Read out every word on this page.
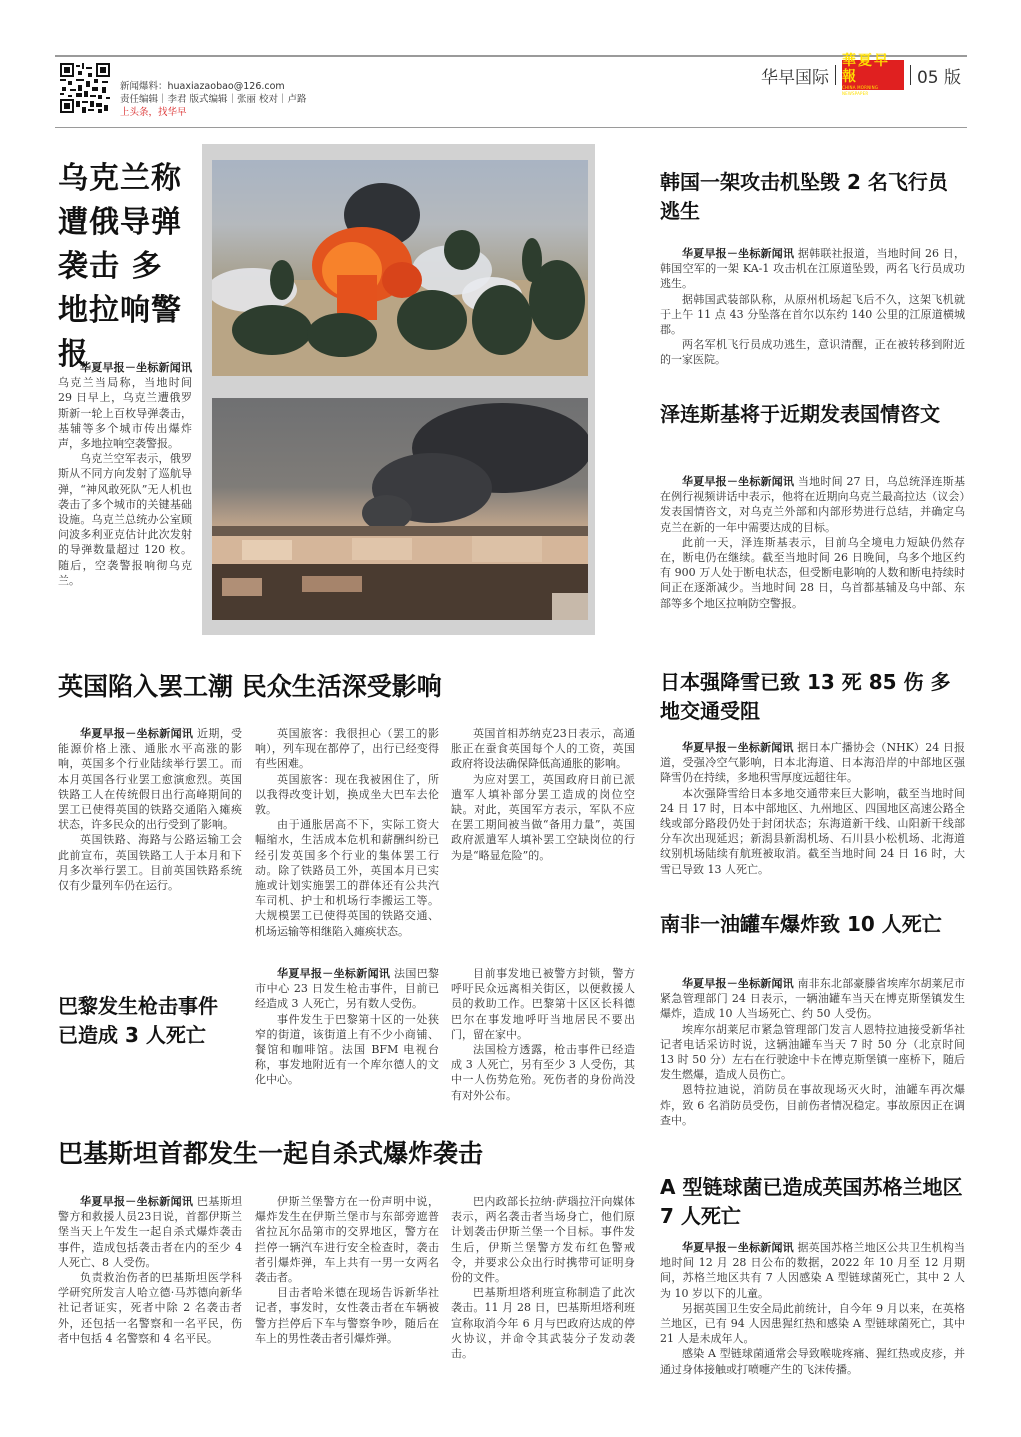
新闻爆料：huaxiazaobao@126.com
责任编辑｜李君 版式编辑｜张丽 校对｜卢路
上头条，找华早
华早国际
華夏早報
CHINA MORNING NEWSPAPER
05 版
乌克兰称遭俄导弹袭击 多地拉响警报

华夏早报－坐标新闻讯 乌克兰当局称，当地时间 29 日早上，乌克兰遭俄罗斯新一轮上百枚导弹袭击，基辅等多个城市传出爆炸声，多地拉响空袭警报。

乌克兰空军表示，俄罗斯从不同方向发射了巡航导弹，“神风敢死队”无人机也袭击了多个城市的关键基础设施。乌克兰总统办公室顾问波多利亚克估计此次发射的导弹数量超过 120 枚。随后，空袭警报响彻乌克兰。

韩国一架攻击机坠毁 2 名飞行员逃生

华夏早报－坐标新闻讯 据韩联社报道，当地时间 26 日，韩国空军的一架 KA-1 攻击机在江原道坠毁，两名飞行员成功逃生。

据韩国武装部队称，从原州机场起飞后不久，这架飞机就于上午 11 点 43 分坠落在首尔以东约 140 公里的江原道横城郡。

两名军机飞行员成功逃生，意识清醒，正在被转移到附近的一家医院。

泽连斯基将于近期发表国情咨文

华夏早报－坐标新闻讯 当地时间 27 日，乌总统泽连斯基在例行视频讲话中表示，他将在近期向乌克兰最高拉达（议会）发表国情咨文，对乌克兰外部和内部形势进行总结，并确定乌克兰在新的一年中需要达成的目标。

此前一天，泽连斯基表示，目前乌全境电力短缺仍然存在，断电仍在继续。截至当地时间 26 日晚间，乌多个地区约有 900 万人处于断电状态，但受断电影响的人数和断电持续时间正在逐渐减少。当地时间 28 日，乌首都基辅及乌中部、东部等多个地区拉响防空警报。

英国陷入罢工潮 民众生活深受影响

华夏早报－坐标新闻讯 近期，受能源价格上涨、通胀水平高涨的影响，英国多个行业陆续举行罢工。而本月英国各行业罢工愈演愈烈。英国铁路工人在传统假日出行高峰期间的罢工已使得英国的铁路交通陷入瘫痪状态，许多民众的出行受到了影响。

英国铁路、海路与公路运输工会此前宣布，英国铁路工人于本月和下月多次举行罢工。目前英国铁路系统仅有少量列车仍在运行。

英国旅客：我很担心（罢工的影响），列车现在都停了，出行已经变得有些困难。

英国旅客：现在我被困住了，所以我得改变计划，换成坐大巴车去伦敦。

由于通胀居高不下，实际工资大幅缩水，生活成本危机和薪酬纠纷已经引发英国多个行业的集体罢工行动。除了铁路员工外，英国本月已实施或计划实施罢工的群体还有公共汽车司机、护士和机场行李搬运工等。大规模罢工已使得英国的铁路交通、机场运输等相继陷入瘫痪状态。

英国首相苏纳克23日表示，高通胀正在蚕食英国每个人的工资，英国政府将设法确保降低高通胀的影响。

为应对罢工，英国政府日前已派遣军人填补部分罢工造成的岗位空缺。对此，英国军方表示，军队不应在罢工期间被当做“备用力量”，英国政府派遣军人填补罢工空缺岗位的行为是“略显危险”的。

日本强降雪已致 13 死 85 伤 多地交通受阻

华夏早报－坐标新闻讯 据日本广播协会（NHK）24 日报道，受强冷空气影响，日本北海道、日本海沿岸的中部地区强降雪仍在持续，多地积雪厚度远超往年。

本次强降雪给日本多地交通带来巨大影响，截至当地时间 24 日 17 时，日本中部地区、九州地区、四国地区高速公路全线或部分路段仍处于封闭状态；东海道新干线、山阳新干线部分车次出现延迟；新潟县新潟机场、石川县小松机场、北海道纹别机场陆续有航班被取消。截至当地时间 24 日 16 时，大雪已导致 13 人死亡。

巴黎发生枪击事件 已造成 3 人死亡

华夏早报－坐标新闻讯 法国巴黎市中心 23 日发生枪击事件，目前已经造成 3 人死亡，另有数人受伤。

事件发生于巴黎第十区的一处狭窄的街道，该街道上有不少小商铺、餐馆和咖啡馆。法国 BFM 电视台称，事发地附近有一个库尔德人的文化中心。

目前事发地已被警方封锁，警方呼吁民众远离相关街区，以便救援人员的救助工作。巴黎第十区区长科德巴尔在事发地呼吁当地居民不要出门，留在家中。

法国检方透露，枪击事件已经造成 3 人死亡，另有至少 3 人受伤，其中一人伤势危殆。死伤者的身份尚没有对外公布。

南非一油罐车爆炸致 10 人死亡

华夏早报－坐标新闻讯 南非东北部豪滕省埃库尔胡莱尼市紧急管理部门 24 日表示，一辆油罐车当天在博克斯堡镇发生爆炸，造成 10 人当场死亡、约 50 人受伤。

埃库尔胡莱尼市紧急管理部门发言人恩特拉迪接受新华社记者电话采访时说，这辆油罐车当天 7 时 50 分（北京时间 13 时 50 分）左右在行驶途中卡在博克斯堡镇一座桥下，随后发生燃爆，造成人员伤亡。

恩特拉迪说，消防员在事故现场灭火时，油罐车再次爆炸，致 6 名消防员受伤，目前伤者情况稳定。事故原因正在调查中。

巴基斯坦首都发生一起自杀式爆炸袭击

华夏早报－坐标新闻讯 巴基斯坦警方和救援人员23日说，首都伊斯兰堡当天上午发生一起自杀式爆炸袭击事件，造成包括袭击者在内的至少 4 人死亡、8 人受伤。

负责救治伤者的巴基斯坦医学科学研究所发言人哈立德·马苏德向新华社记者证实，死者中除 2 名袭击者外，还包括一名警察和一名平民，伤者中包括 4 名警察和 4 名平民。

伊斯兰堡警方在一份声明中说，爆炸发生在伊斯兰堡市与东部旁遮普省拉瓦尔品第市的交界地区，警方在拦停一辆汽车进行安全检查时，袭击者引爆炸弹，车上共有一男一女两名袭击者。

目击者哈米德在现场告诉新华社记者，事发时，女性袭击者在车辆被警方拦停后下车与警察争吵，随后在车上的男性袭击者引爆炸弹。

巴内政部长拉纳·萨瑙拉汗向媒体表示，两名袭击者当场身亡，他们原计划袭击伊斯兰堡一个目标。事件发生后，伊斯兰堡警方发布红色警戒令，并要求公众出行时携带可证明身份的文件。

巴基斯坦塔利班宣称制造了此次袭击。11 月 28 日，巴基斯坦塔利班宣称取消今年 6 月与巴政府达成的停火协议，并命令其武装分子发动袭击。

A 型链球菌已造成英国苏格兰地区 7 人死亡

华夏早报－坐标新闻讯 据英国苏格兰地区公共卫生机构当地时间 12 月 28 日公布的数据，2022 年 10 月至 12 月期间，苏格兰地区共有 7 人因感染 A 型链球菌死亡，其中 2 人为 10 岁以下的儿童。

另据英国卫生安全局此前统计，自今年 9 月以来，在英格兰地区，已有 94 人因患猩红热和感染 A 型链球菌死亡，其中 21 人是未成年人。

感染 A 型链球菌通常会导致喉咙疼痛、猩红热或皮疹，并通过身体接触或打喷嚏产生的飞沫传播。
